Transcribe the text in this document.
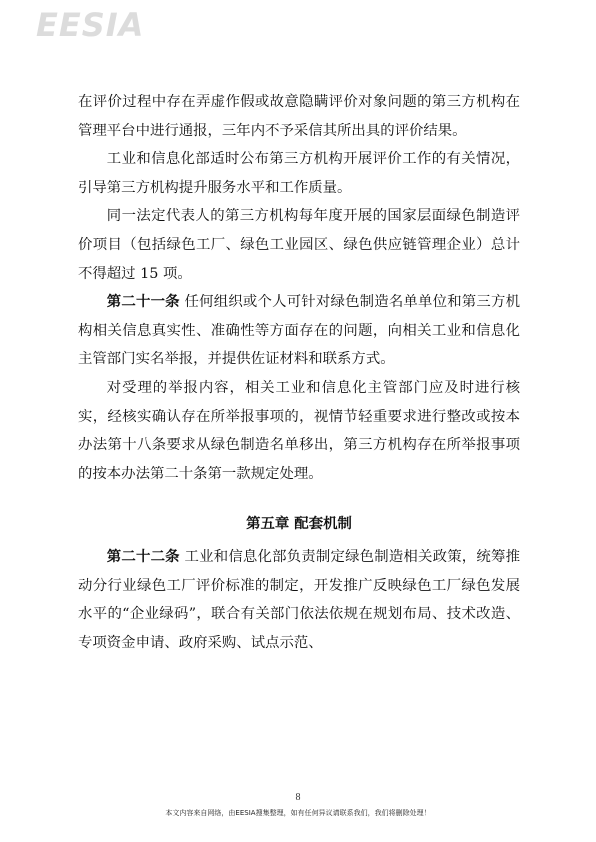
EESIA

在评价过程中存在弄虚作假或故意隐瞒评价对象问题的第三方机构在管理平台中进行通报，三年内不予采信其所出具的评价结果。

工业和信息化部适时公布第三方机构开展评价工作的有关情况，引导第三方机构提升服务水平和工作质量。

同一法定代表人的第三方机构每年度开展的国家层面绿色制造评价项目（包括绿色工厂、绿色工业园区、绿色供应链管理企业）总计不得超过 15 项。

第二十一条 任何组织或个人可针对绿色制造名单单位和第三方机构相关信息真实性、准确性等方面存在的问题，向相关工业和信息化主管部门实名举报，并提供佐证材料和联系方式。

对受理的举报内容，相关工业和信息化主管部门应及时进行核实，经核实确认存在所举报事项的，视情节轻重要求进行整改或按本办法第十八条要求从绿色制造名单移出，第三方机构存在所举报事项的按本办法第二十条第一款规定处理。

第五章 配套机制

第二十二条 工业和信息化部负责制定绿色制造相关政策，统筹推动分行业绿色工厂评价标准的制定，开发推广反映绿色工厂绿色发展水平的“企业绿码”，联合有关部门依法依规在规划布局、技术改造、专项资金申请、政府采购、试点示范、

8
本文内容来自网络，由EESIA搜集整理，如有任何异议请联系我们，我们将删除处理！
